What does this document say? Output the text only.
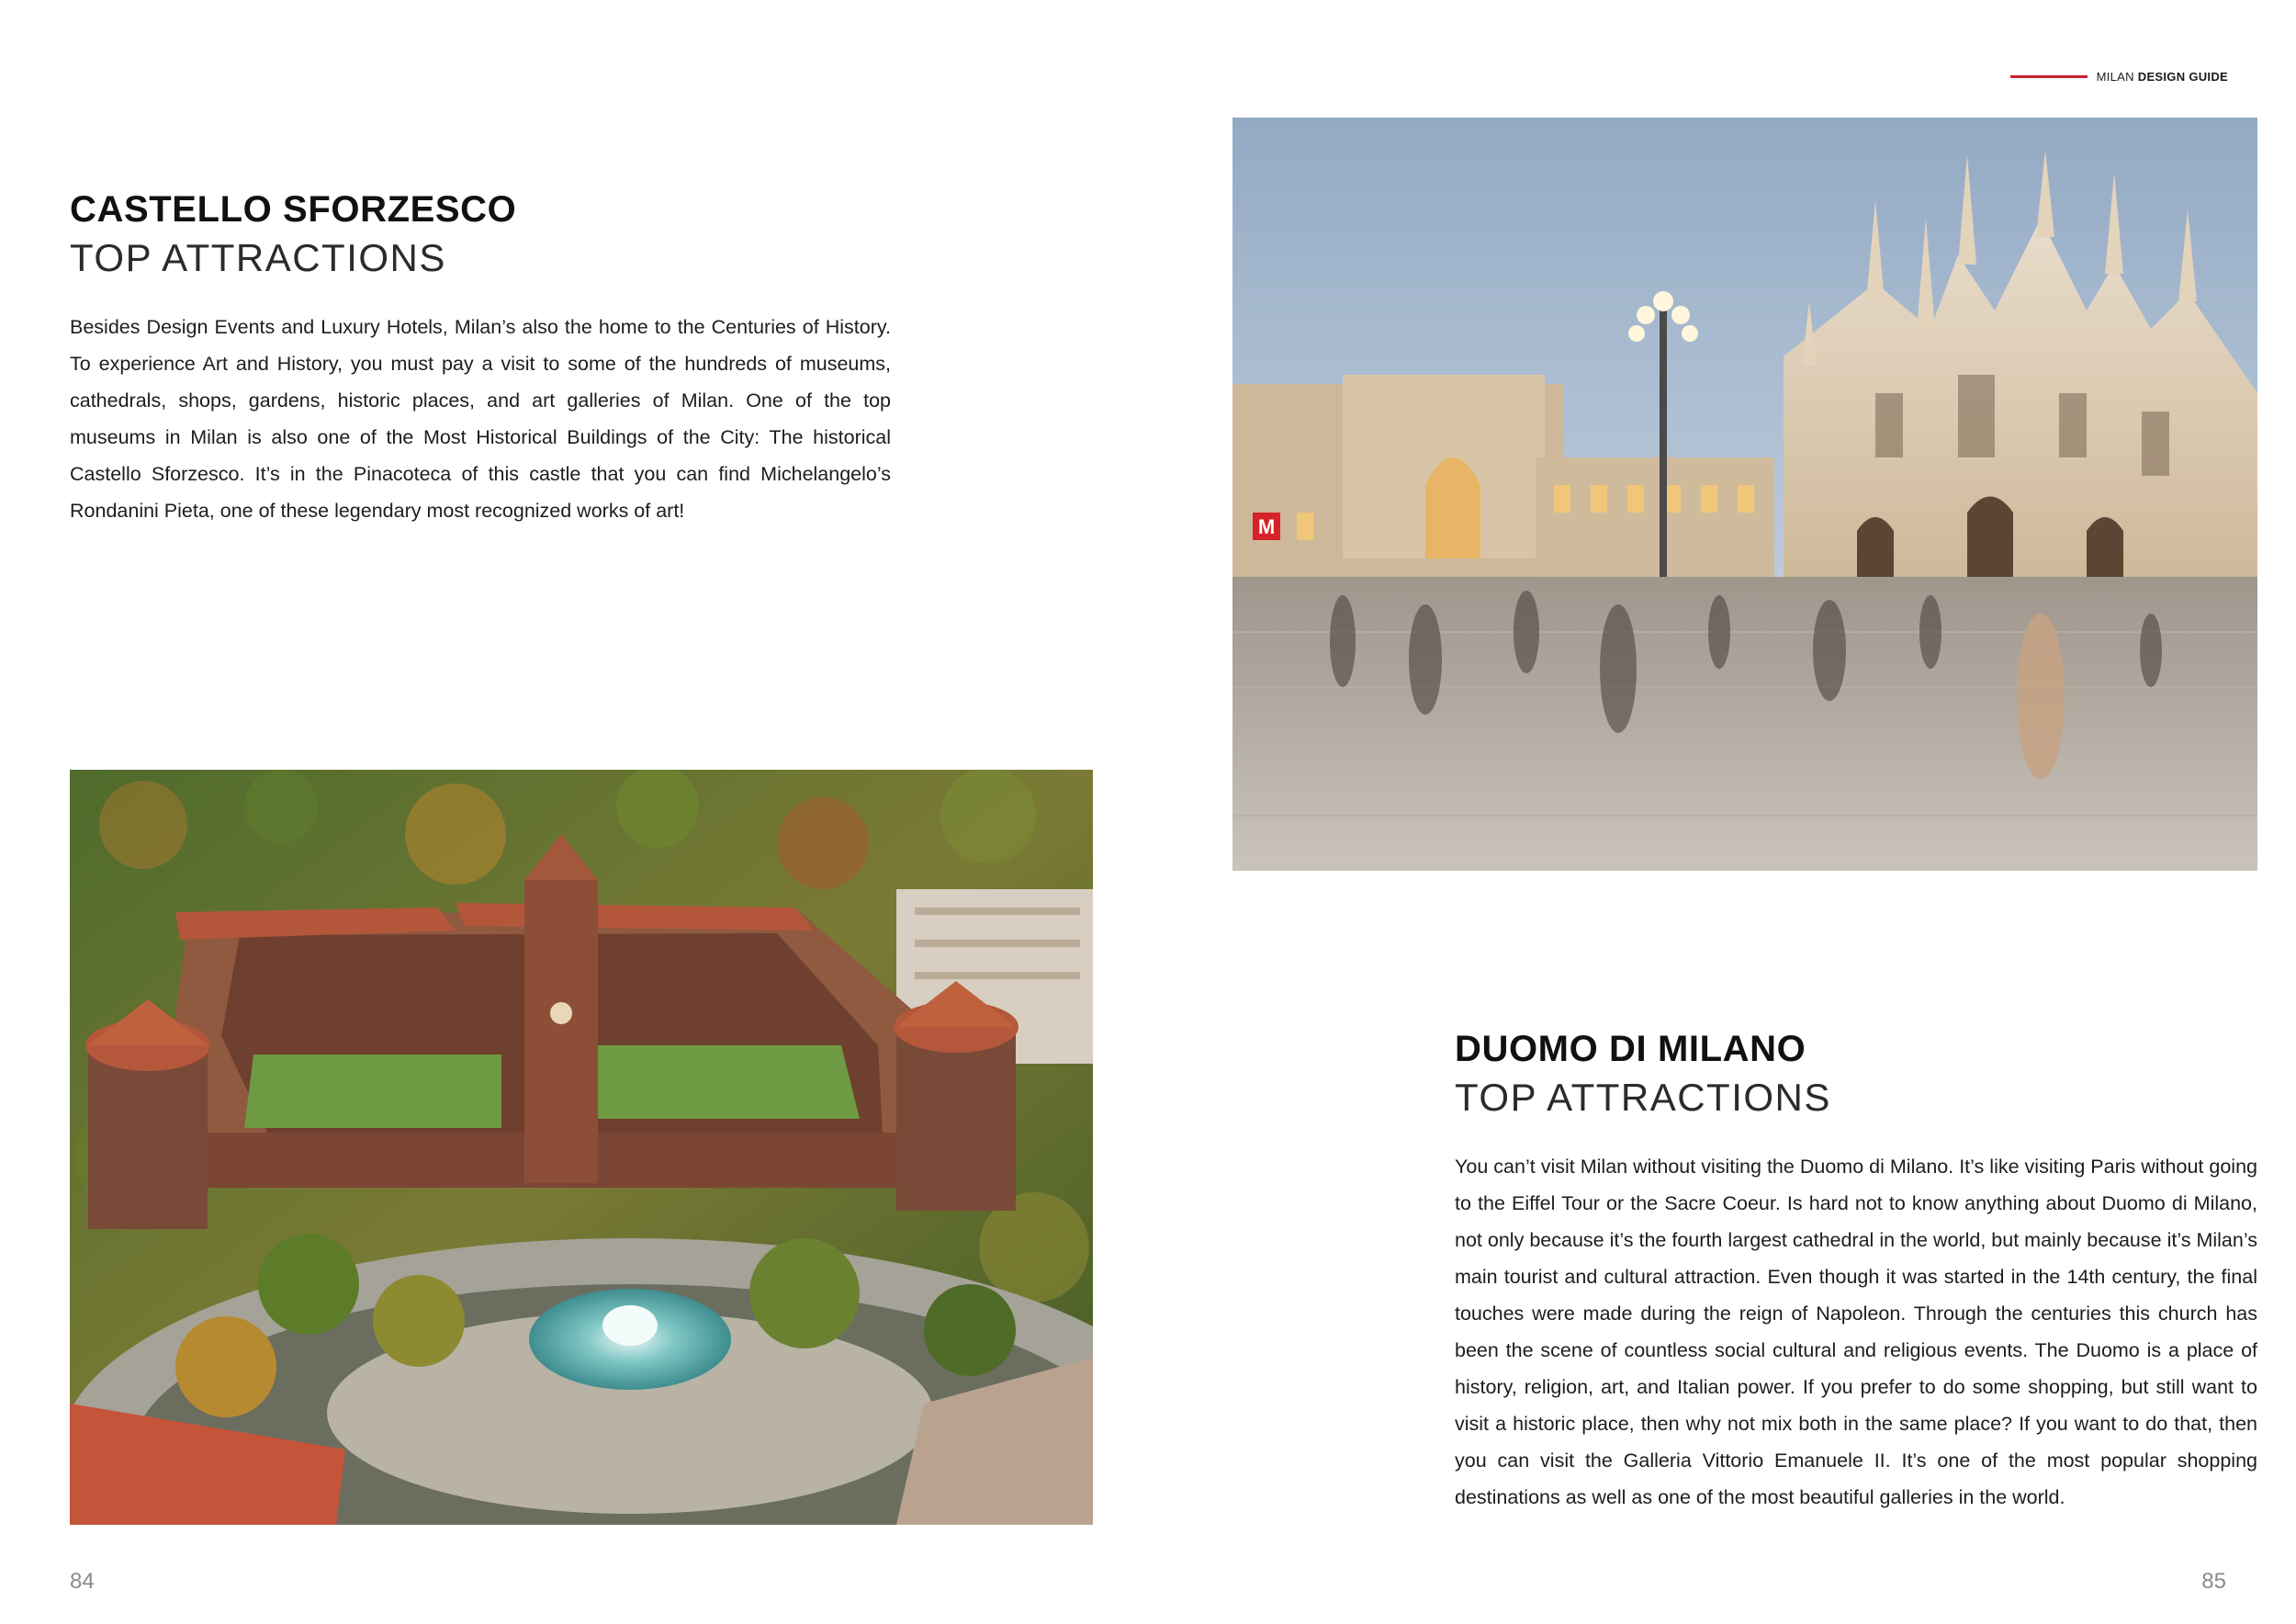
MILAN DESIGN GUIDE
CASTELLO SFORZESCO
TOP ATTRACTIONS

Besides Design Events and Luxury Hotels, Milan’s also the home to the Centuries of History. To experience Art and History, you must pay a visit to some of the hundreds of museums, cathedrals, shops, gardens, historic places, and art galleries of Milan. One of the top museums in Milan is also one of the Most Historical Buildings of the City: The historical Castello Sforzesco. It’s in the Pinacoteca of this castle that you can find Michelangelo’s Rondanini Pieta, one of these legendary most recognized works of art!

84
M
DUOMO DI MILANO
TOP ATTRACTIONS

You can’t visit Milan without visiting the Duomo di Milano. It’s like visiting Paris without going to the Eiffel Tour or the Sacre Coeur. Is hard not to know anything about Duomo di Milano, not only because it’s the fourth largest cathedral in the world, but mainly because it’s Milan’s main tourist and cultural attraction. Even though it was started in the 14th century, the final touches were made during the reign of Napoleon. Through the centuries this church has been the scene of countless social cultural and religious events. The Duomo is a place of history, religion, art, and Italian power. If you prefer to do some shopping, but still want to visit a historic place, then why not mix both in the same place? If you want to do that, then you can visit the Galleria Vittorio Emanuele II. It’s one of the most popular shopping destinations as well as one of the most beautiful galleries in the world.

85
